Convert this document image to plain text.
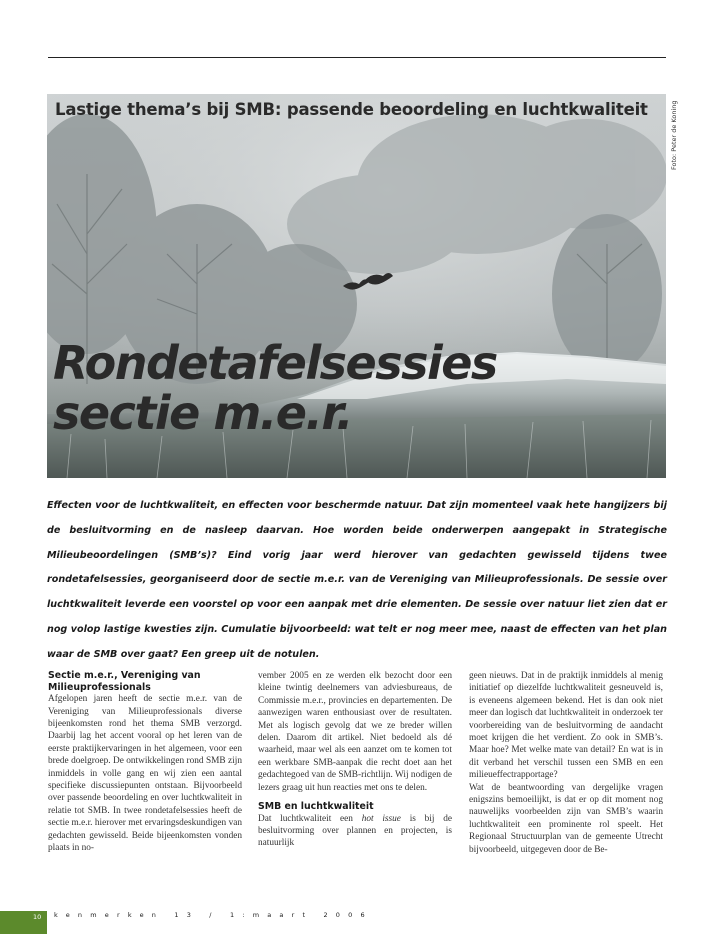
Lastige thema’s bij SMB: passende beoordeling en luchtkwaliteit
Rondetafelsessies
sectie m.e.r.
Foto: Peter de Koning

Effecten voor de luchtkwaliteit, en effecten voor beschermde natuur. Dat zijn momenteel vaak hete hangijzers bij de besluitvorming en de nasleep daarvan. Hoe worden beide onderwerpen aangepakt in Strategische Milieubeoordelingen (SMB’s)? Eind vorig jaar werd hierover van gedachten gewisseld tijdens twee rondetafelsessies, georganiseerd door de sectie m.e.r. van de Vereniging van Milieuprofessionals. De sessie over luchtkwaliteit leverde een voorstel op voor een aanpak met drie elementen. De sessie over natuur liet zien dat er nog volop lastige kwesties zijn. Cumulatie bijvoorbeeld: wat telt er nog meer mee, naast de effecten van het plan waar de SMB over gaat? Een greep uit de notulen.

Sectie m.e.r., Vereniging van Milieuprofessionals

Afgelopen jaren heeft de sectie m.e.r. van de Vereniging van Milieuprofessionals diverse bijeenkomsten rond het thema SMB verzorgd. Daarbij lag het accent vooral op het leren van de eerste praktijkervaringen in het algemeen, voor een brede doelgroep. De ontwikkelingen rond SMB zijn inmiddels in volle gang en wij zien een aantal specifieke discussiepunten ontstaan. Bijvoorbeeld over passende beoordeling en over luchtkwaliteit in relatie tot SMB. In twee rondetafelsessies heeft de sectie m.e.r. hierover met ervaringsdeskundigen van gedachten gewisseld. Beide bijeenkomsten vonden plaats in no-

vember 2005 en ze werden elk bezocht door een kleine twintig deelnemers van adviesbureaus, de Commissie m.e.r., provincies en departementen. De aanwezigen waren enthousiast over de resultaten. Met als logisch gevolg dat we ze breder willen delen. Daarom dit artikel. Niet bedoeld als dé waarheid, maar wel als een aanzet om te komen tot een werkbare SMB-aanpak die recht doet aan het gedachtegoed van de SMB-richtlijn. Wij nodigen de lezers graag uit hun reacties met ons te delen.

SMB en luchtkwaliteit

Dat luchtkwaliteit een hot issue is bij de besluitvorming over plannen en projecten, is natuurlijk

geen nieuws. Dat in de praktijk inmiddels al menig initiatief op diezelfde luchtkwaliteit gesneuveld is, is eveneens algemeen bekend. Het is dan ook niet meer dan logisch dat luchtkwaliteit in onderzoek ter voorbereiding van de besluitvorming de aandacht moet krijgen die het verdient. Zo ook in SMB’s. Maar hoe? Met welke mate van detail? En wat is in dit verband het verschil tussen een SMB en een milieueffectrapportage?

Wat de beantwoording van dergelijke vragen enigszins bemoeilijkt, is dat er op dit moment nog nauwelijks voorbeelden zijn van SMB’s waarin luchtkwaliteit een prominente rol speelt. Het Regionaal Structuurplan van de gemeente Utrecht bijvoorbeeld, uitgegeven door de Be-

10 kenmerken 13 / 1:maart 2006
